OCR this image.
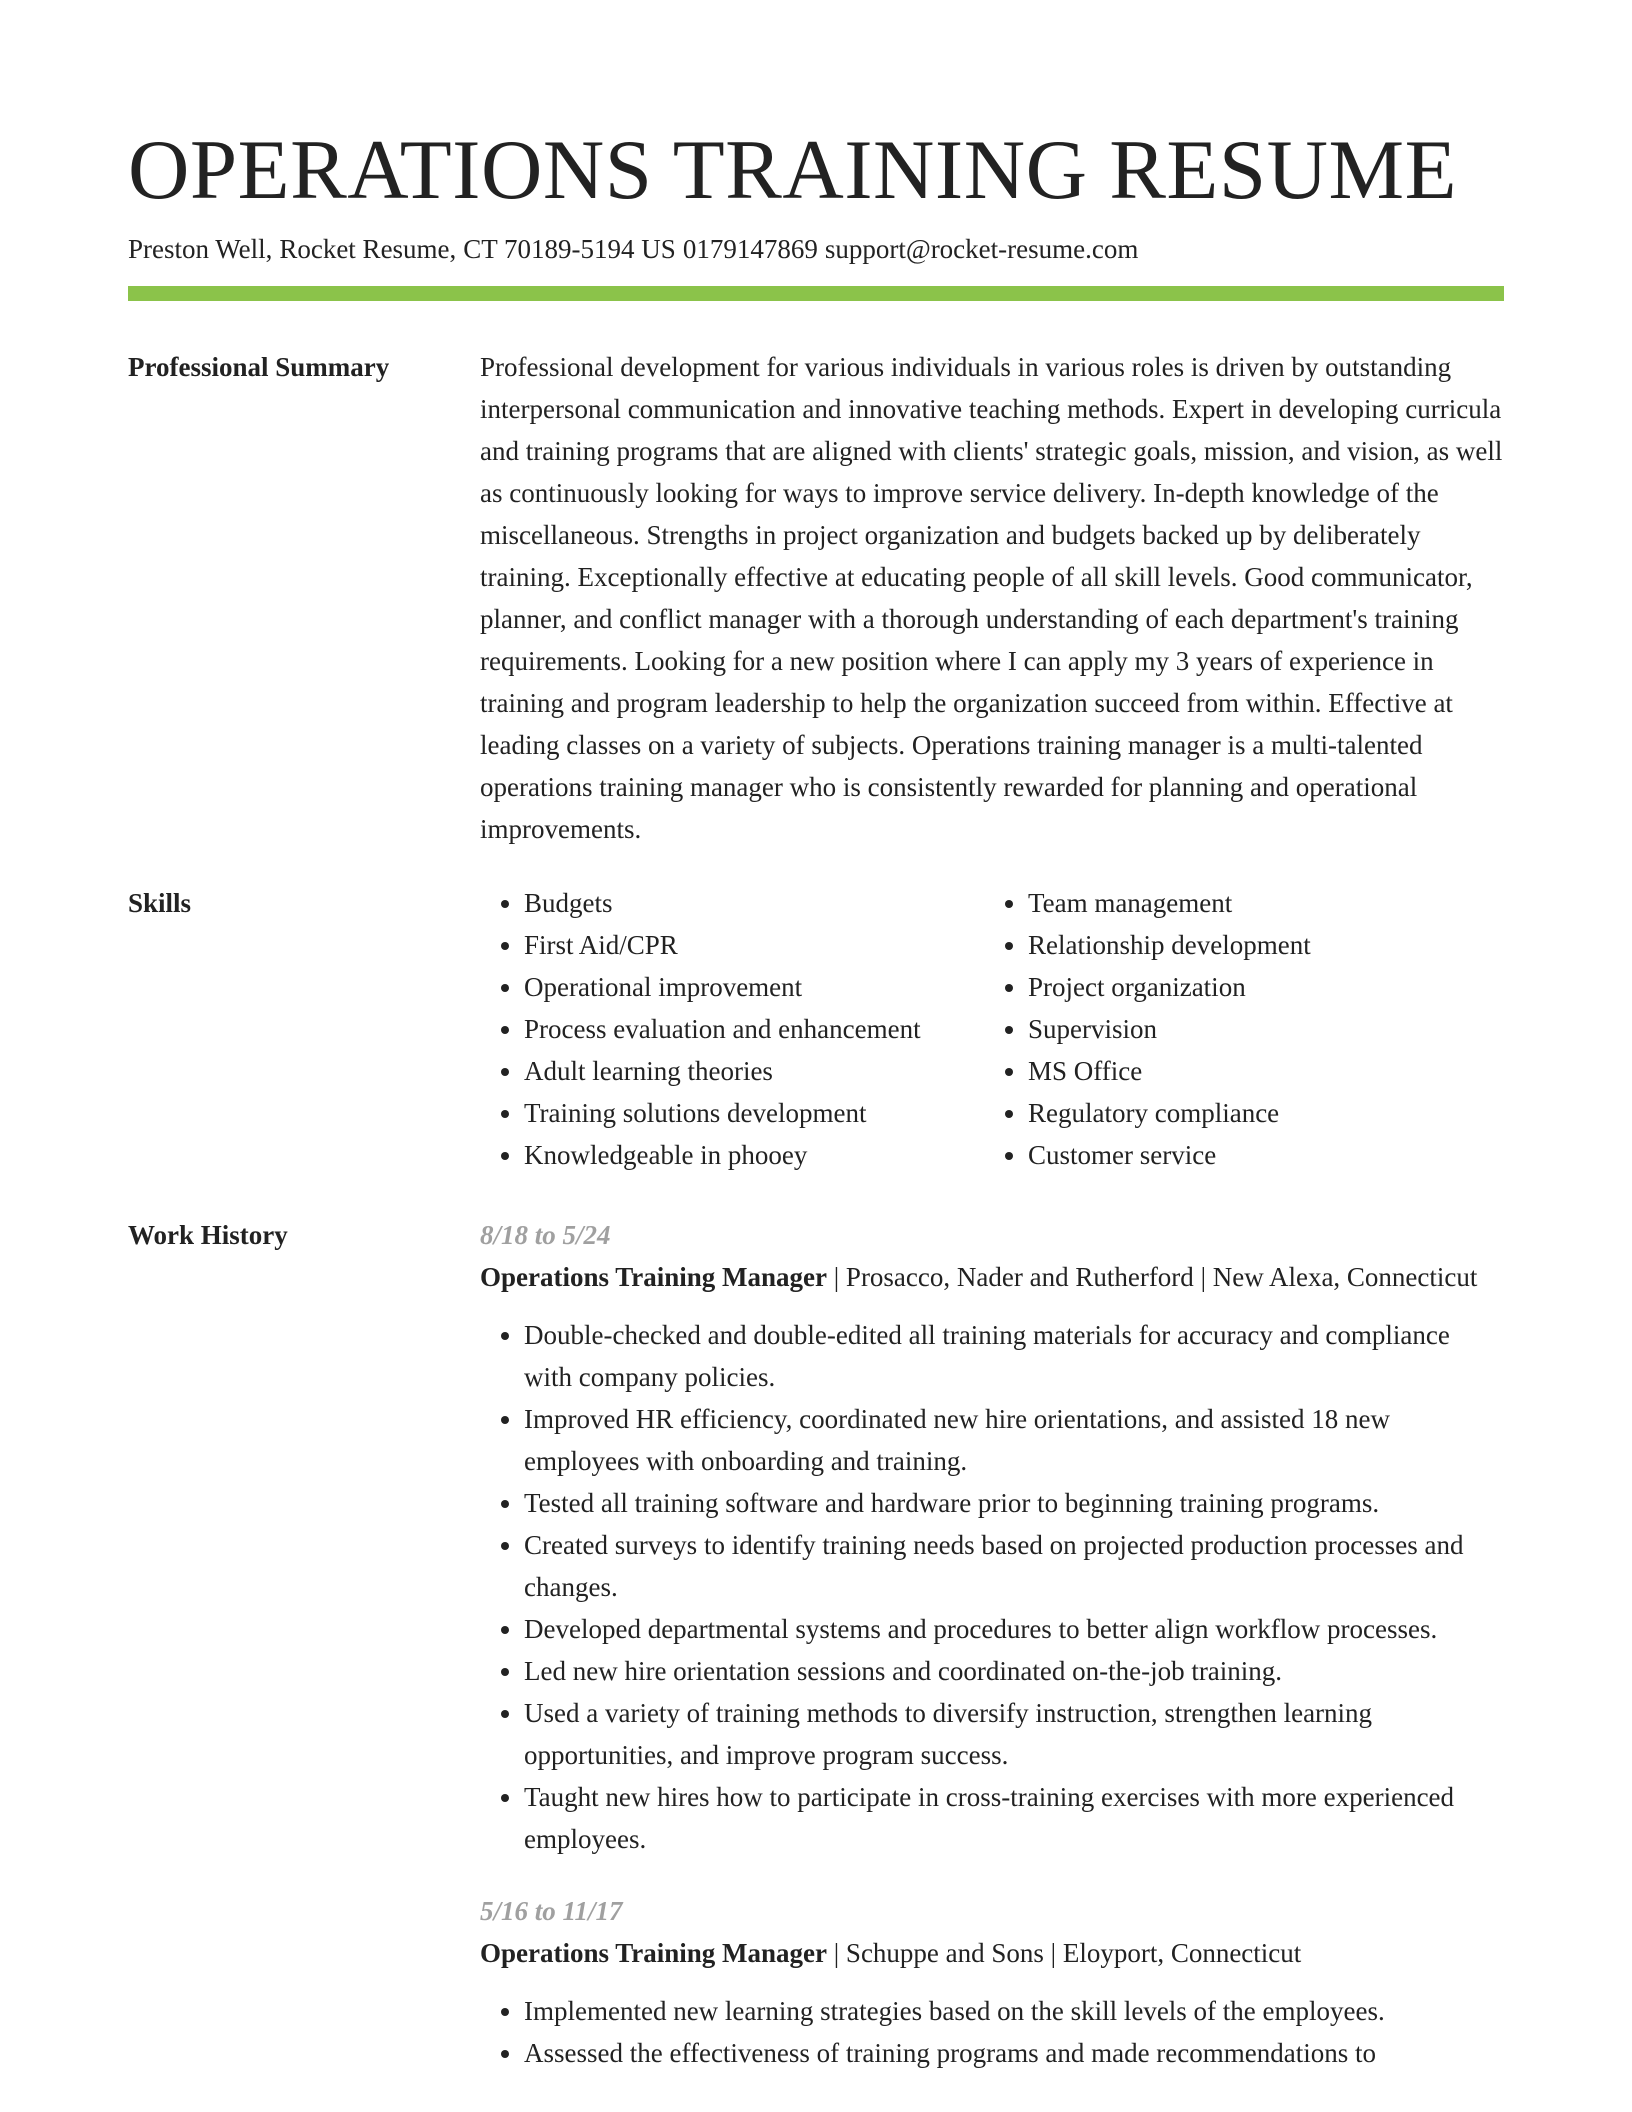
OPERATIONS TRAINING RESUME
Preston Well, Rocket Resume, CT 70189-5194 US 0179147869 support@rocket-resume.com
Professional Summary	Professional development for various individuals in various roles is driven by outstanding interpersonal communication and innovative teaching methods. Expert in developing curricula and training programs that are aligned with clients' strategic goals, mission, and vision, as well as continuously looking for ways to improve service delivery. In-depth knowledge of the miscellaneous. Strengths in project organization and budgets backed up by deliberately training. Exceptionally effective at educating people of all skill levels. Good communicator, planner, and conflict manager with a thorough understanding of each department's training requirements. Looking for a new position where I can apply my 3 years of experience in training and program leadership to help the organization succeed from within. Effective at leading classes on a variety of subjects. Operations training manager is a multi-talented operations training manager who is consistently rewarded for planning and operational improvements.

Skills
•	Budgets
• First Aid/CPR
• Operational improvement
• Process evaluation and enhancement
• Adult learning theories
• Training solutions development
• Knowledgeable in phooey
• Team management
• Relationship development
• Project organization
• Supervision
• MS Office
• Regulatory compliance
• Customer service
Work History	8/18 to 5/24
Operations Training Manager | Prosacco, Nader and Rutherford | New Alexa, Connecticut
• Double-checked and double-edited all training materials for accuracy and compliance with company policies.
• Improved HR efficiency, coordinated new hire orientations, and assisted 18 new employees with onboarding and training.
• Tested all training software and hardware prior to beginning training programs.
• Created surveys to identify training needs based on projected production processes and changes.
• Developed departmental systems and procedures to better align workflow processes.
• Led new hire orientation sessions and coordinated on-the-job training.
• Used a variety of training methods to diversify instruction, strengthen learning opportunities, and improve program success.
• Taught new hires how to participate in cross-training exercises with more experienced employees.
5/16 to 11/17
Operations Training Manager | Schuppe and Sons | Eloyport, Connecticut
• Implemented new learning strategies based on the skill levels of the employees.
• Assessed the effectiveness of training programs and made recommendations to
